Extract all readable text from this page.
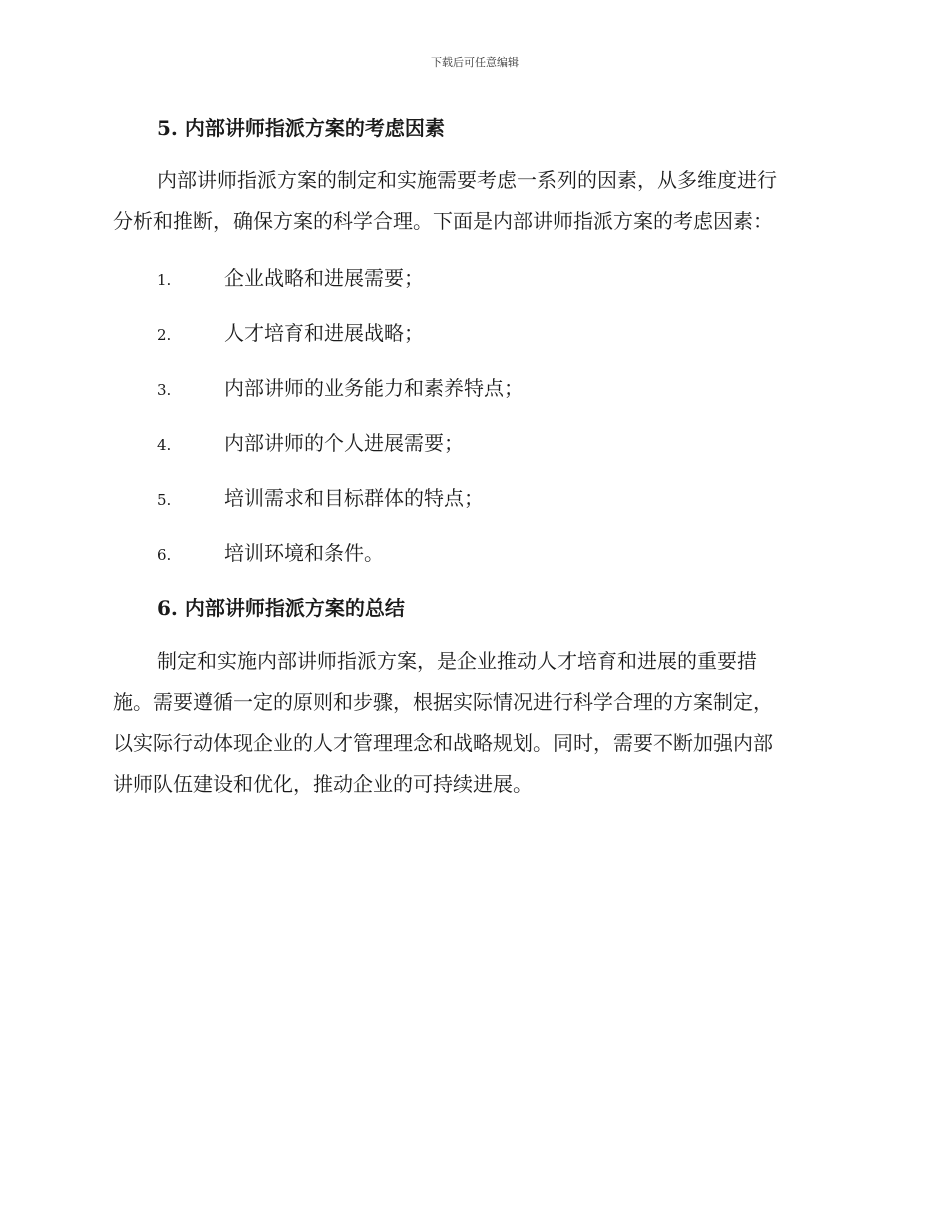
下载后可任意编辑
5. 内部讲师指派方案的考虑因素
内部讲师指派方案的制定和实施需要考虑一系列的因素，从多维度进行
分析和推断，确保方案的科学合理。下面是内部讲师指派方案的考虑因素：
1.	企业战略和进展需要；
2.	人才培育和进展战略；
3.	内部讲师的业务能力和素养特点；
4.	内部讲师的个人进展需要；
5.	培训需求和目标群体的特点；
6.	培训环境和条件。
6. 内部讲师指派方案的总结
制定和实施内部讲师指派方案，是企业推动人才培育和进展的重要措
施。需要遵循一定的原则和步骤，根据实际情况进行科学合理的方案制定，
以实际行动体现企业的人才管理理念和战略规划。同时，需要不断加强内部
讲师队伍建设和优化，推动企业的可持续进展。
